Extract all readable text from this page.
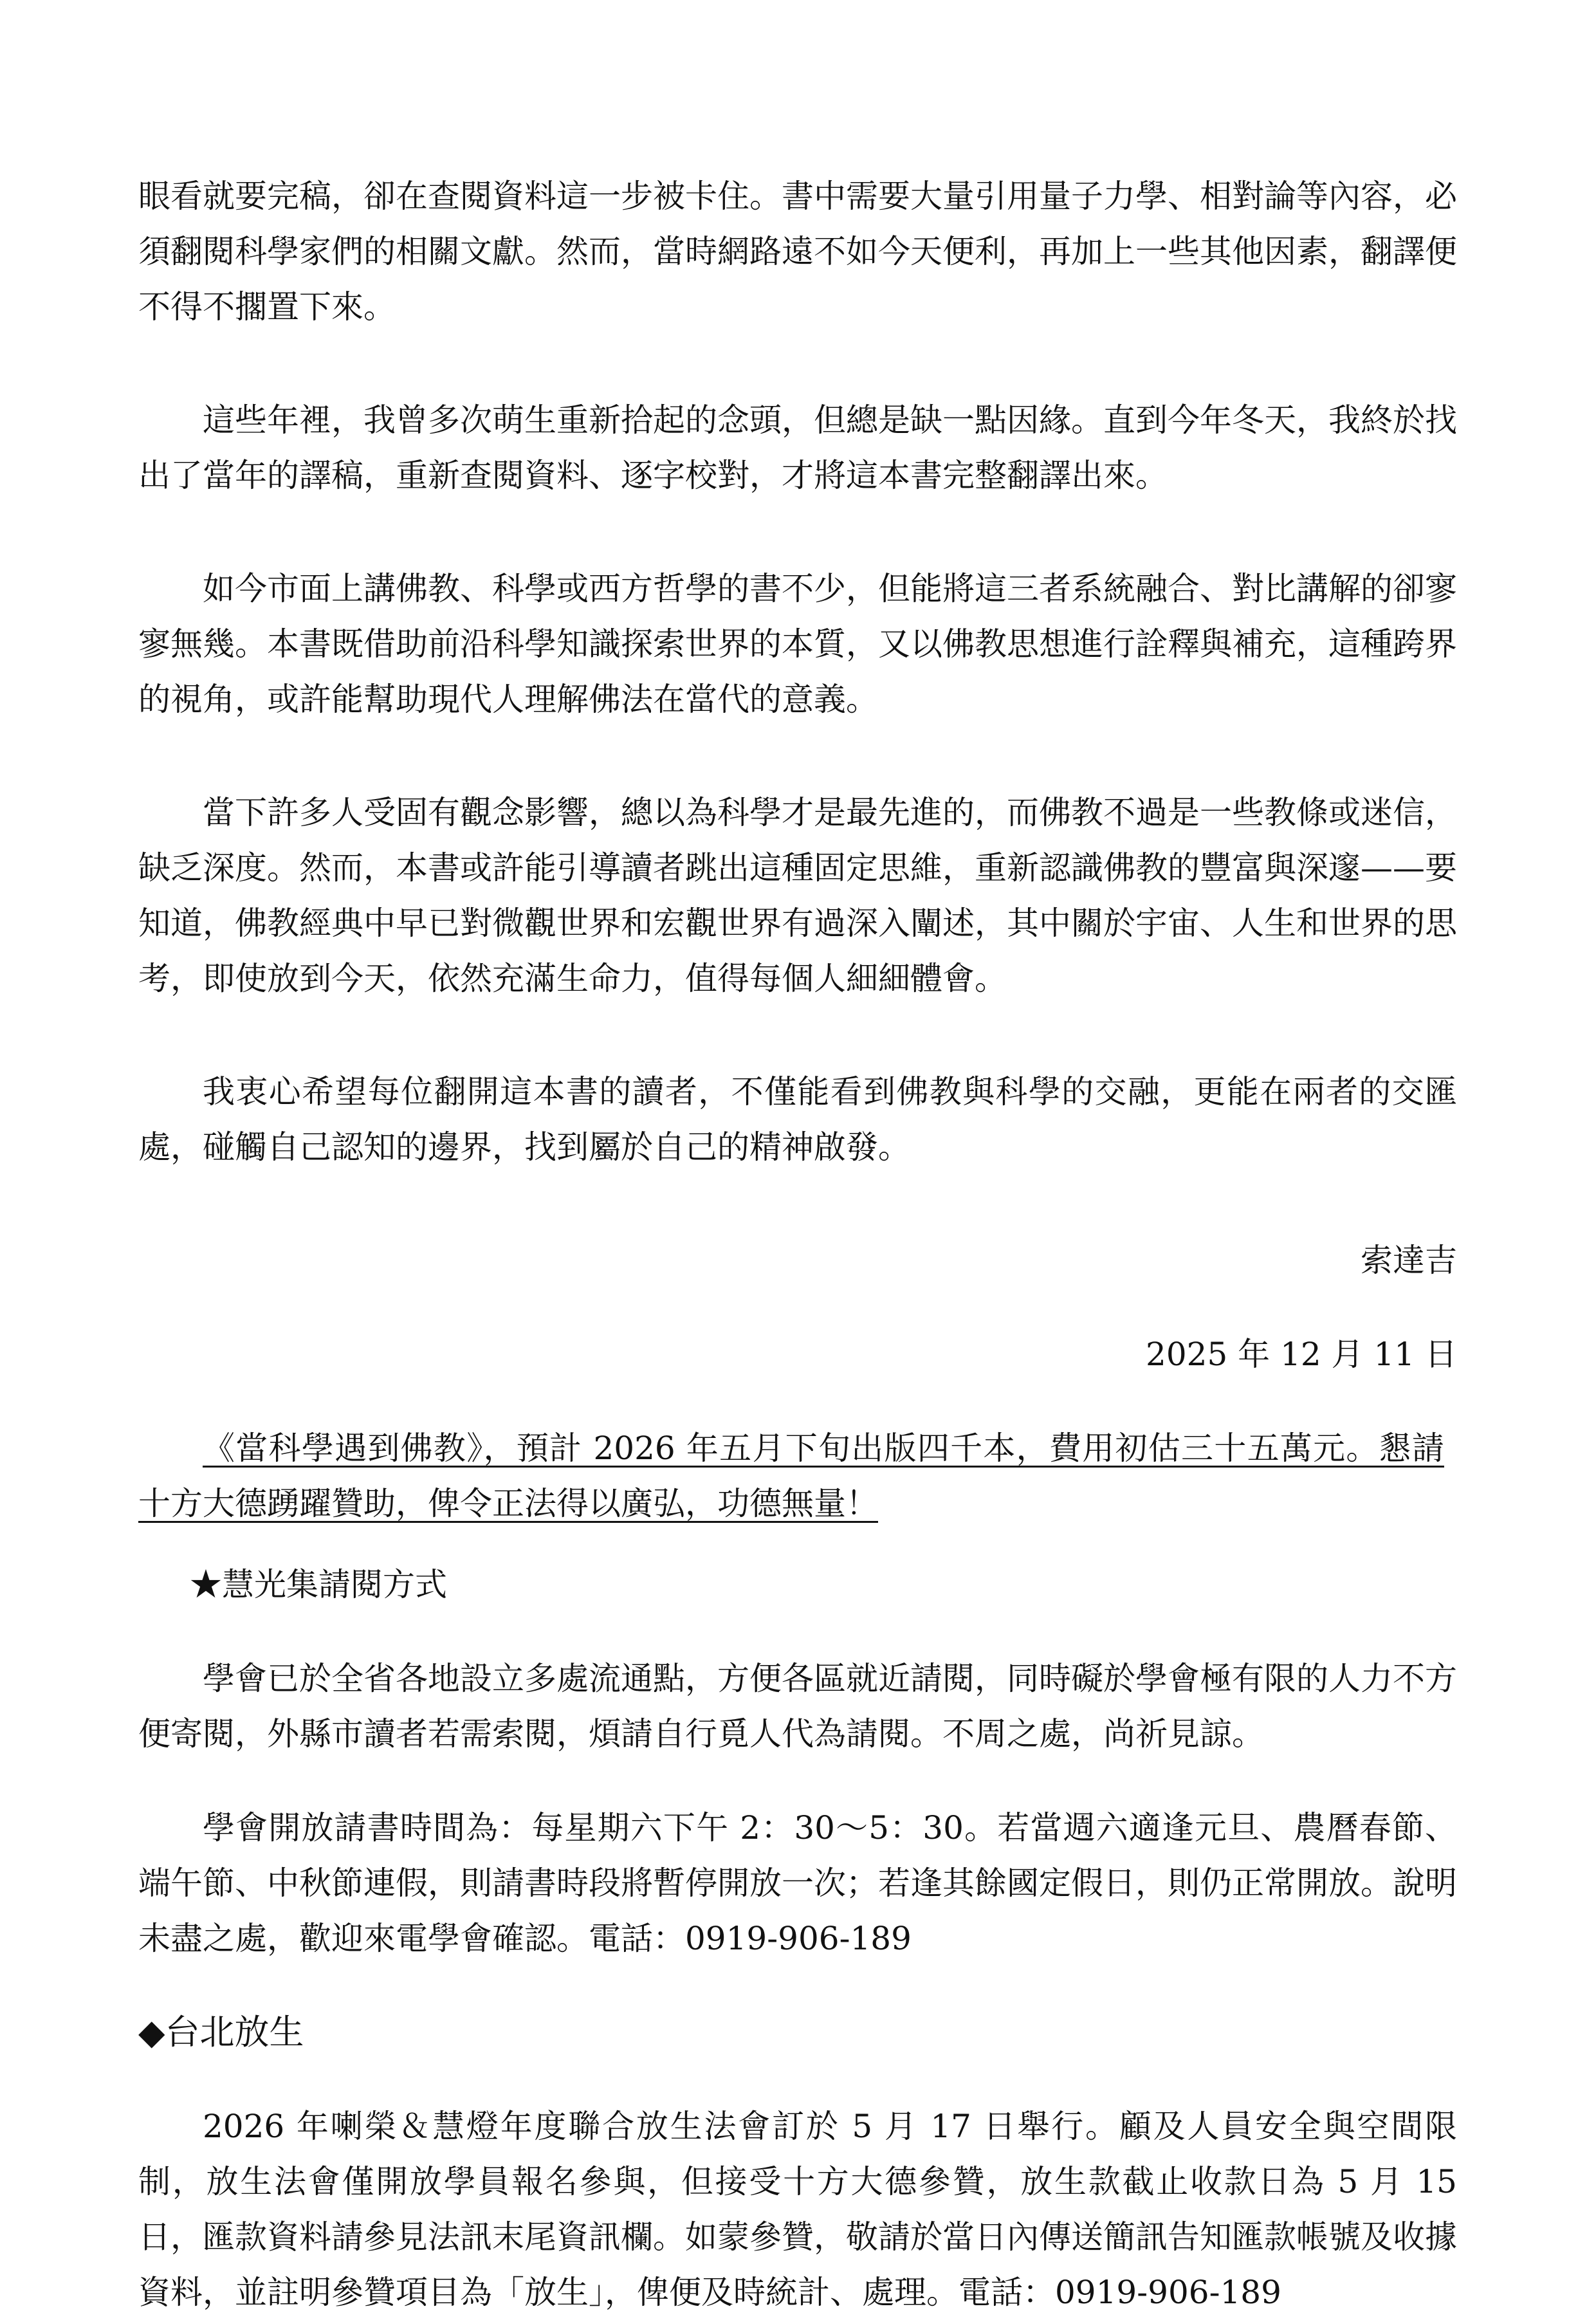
眼看就要完稿，卻在查閱資料這一步被卡住。書中需要大量引用量子力學、相對論等內容，必須翻閱科學家們的相關文獻。然而，當時網路遠不如今天便利，再加上一些其他因素，翻譯便不得不擱置下來。

這些年裡，我曾多次萌生重新拾起的念頭，但總是缺一點因緣。直到今年冬天，我終於找出了當年的譯稿，重新查閱資料、逐字校對，才將這本書完整翻譯出來。

如今市面上講佛教、科學或西方哲學的書不少，但能將這三者系統融合、對比講解的卻寥寥無幾。本書既借助前沿科學知識探索世界的本質，又以佛教思想進行詮釋與補充，這種跨界的視角，或許能幫助現代人理解佛法在當代的意義。

當下許多人受固有觀念影響，總以為科學才是最先進的，而佛教不過是一些教條或迷信，缺乏深度。然而，本書或許能引導讀者跳出這種固定思維，重新認識佛教的豐富與深邃——要知道，佛教經典中早已對微觀世界和宏觀世界有過深入闡述，其中關於宇宙、人生和世界的思考，即使放到今天，依然充滿生命力，值得每個人細細體會。

我衷心希望每位翻開這本書的讀者，不僅能看到佛教與科學的交融，更能在兩者的交匯處，碰觸自己認知的邊界，找到屬於自己的精神啟發。

索達吉

2025 年 12 月 11 日

《當科學遇到佛教》，預計 2026 年五月下旬出版四千本，費用初估三十五萬元。懇請十方大德踴躍贊助，俾令正法得以廣弘，功德無量！

★慧光集請閱方式

學會已於全省各地設立多處流通點，方便各區就近請閱，同時礙於學會極有限的人力不方便寄閱，外縣市讀者若需索閱，煩請自行覓人代為請閱。不周之處，尚祈見諒。

學會開放請書時間為：每星期六下午 2：30～5：30。若當週六適逢元旦、農曆春節、端午節、中秋節連假，則請書時段將暫停開放一次；若逢其餘國定假日，則仍正常開放。說明未盡之處，歡迎來電學會確認。電話：0919-906-189

◆台北放生

2026 年喇榮＆慧燈年度聯合放生法會訂於 5 月 17 日舉行。顧及人員安全與空間限制，放生法會僅開放學員報名參與，但接受十方大德參贊，放生款截止收款日為 5 月 15 日，匯款資料請參見法訊末尾資訊欄。如蒙參贊，敬請於當日內傳送簡訊告知匯款帳號及收據資料，並註明參贊項目為「放生」，俾便及時統計、處理。電話：0919-906-189
